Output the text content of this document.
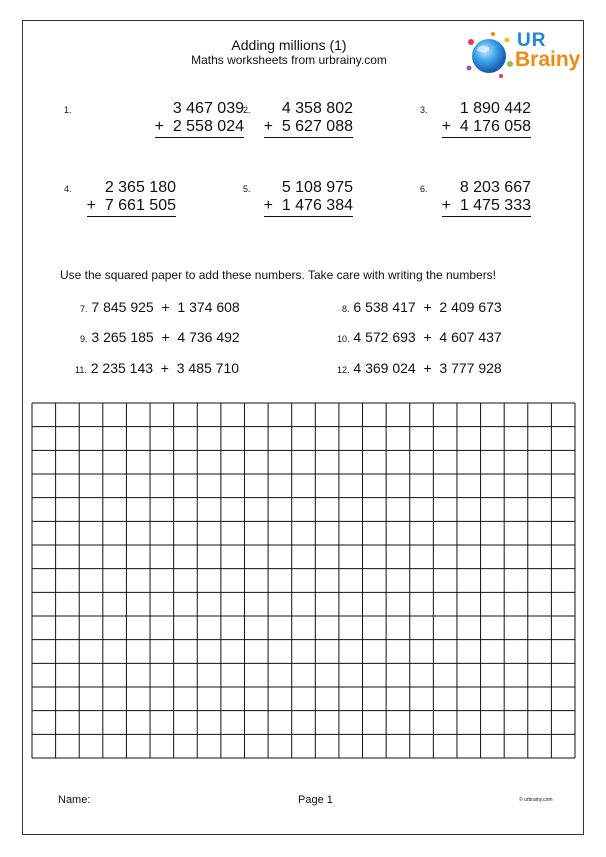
Adding millions (1)
Maths worksheets from urbrainy.com
UR
Brainy
1.	3 467 039
+  2 558 024
2. 4 358 802
+  5 627 088
3. 1 890 442
+  4 176 058
4. 2 365 180
+  7 661 505
5. 5 108 975
+  1 476 384
6. 8 203 667
+  1 475 333
Use the squared paper to add these numbers. Take care with writing the numbers!
7. 7 845 925  +  1 374 608	8. 6 538 417  +  2 409 673
9. 3 265 185  +  4 736 492	10. 4 572 693  +  4 607 437
11. 2 235 143  +  3 485 710	12. 4 369 024  +  3 777 928
Name:	Page 1	© urbrainy.com
